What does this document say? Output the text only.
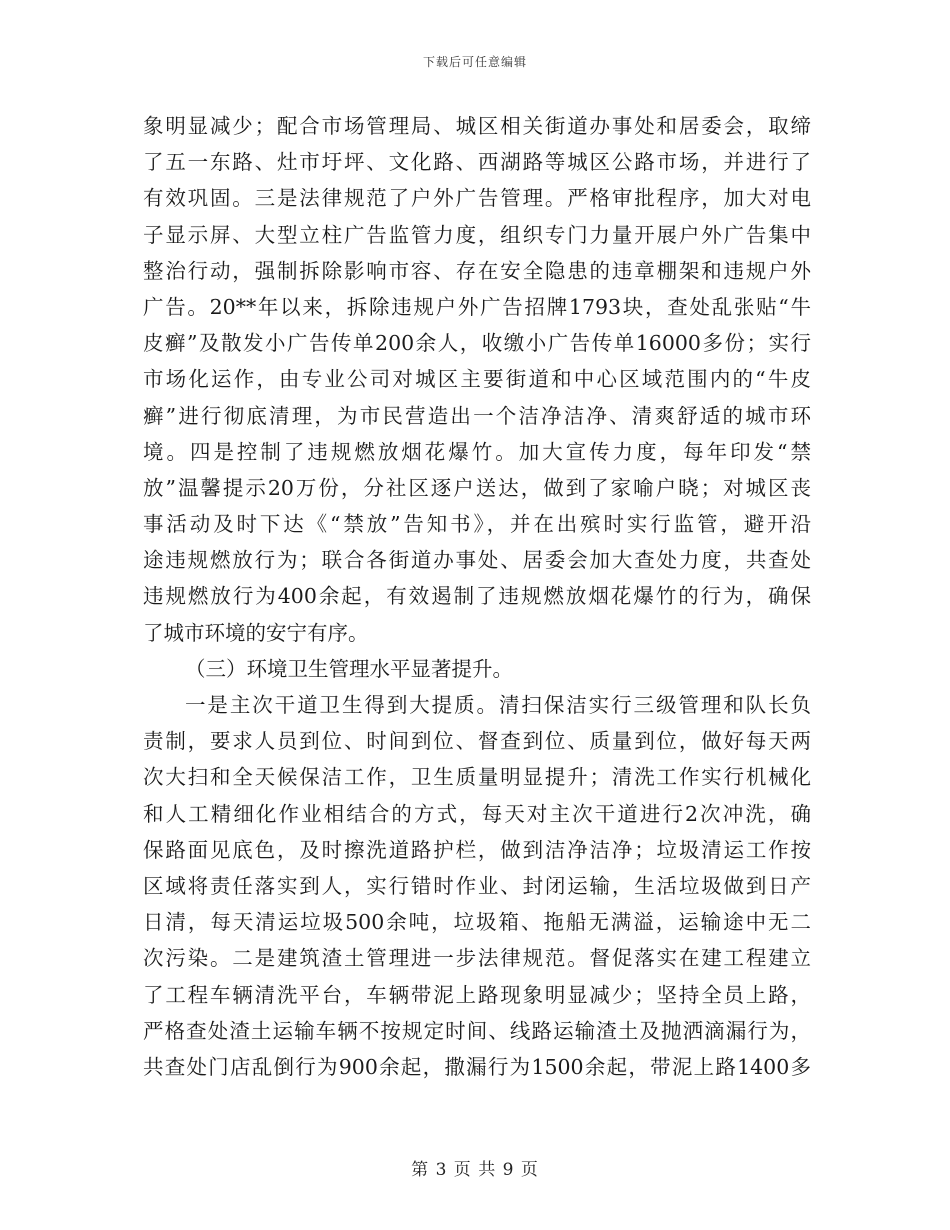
下载后可任意编辑
象明显减少；配合市场管理局、城区相关街道办事处和居委会，取缔
了五一东路、灶市圩坪、文化路、西湖路等城区公路市场，并进行了
有效巩固。三是法律规范了户外广告管理。严格审批程序，加大对电
子显示屏、大型立柱广告监管力度，组织专门力量开展户外广告集中
整治行动，强制拆除影响市容、存在安全隐患的违章棚架和违规户外
广告。20**年以来，拆除违规户外广告招牌1793块，查处乱张贴“牛
皮癣”及散发小广告传单200余人，收缴小广告传单16000多份；实行
市场化运作，由专业公司对城区主要街道和中心区域范围内的“牛皮
癣”进行彻底清理，为市民营造出一个洁净洁净、清爽舒适的城市环
境。四是控制了违规燃放烟花爆竹。加大宣传力度，每年印发“禁
放”温馨提示20万份，分社区逐户送达，做到了家喻户晓；对城区丧
事活动及时下达《“禁放”告知书》，并在出殡时实行监管，避开沿
途违规燃放行为；联合各街道办事处、居委会加大查处力度，共查处
违规燃放行为400余起，有效遏制了违规燃放烟花爆竹的行为，确保
了城市环境的安宁有序。
（三）环境卫生管理水平显著提升。
一是主次干道卫生得到大提质。清扫保洁实行三级管理和队长负
责制，要求人员到位、时间到位、督查到位、质量到位，做好每天两
次大扫和全天候保洁工作，卫生质量明显提升；清洗工作实行机械化
和人工精细化作业相结合的方式，每天对主次干道进行2次冲洗，确
保路面见底色，及时擦洗道路护栏，做到洁净洁净；垃圾清运工作按
区域将责任落实到人，实行错时作业、封闭运输，生活垃圾做到日产
日清，每天清运垃圾500余吨，垃圾箱、拖船无满溢，运输途中无二
次污染。二是建筑渣土管理进一步法律规范。督促落实在建工程建立
了工程车辆清洗平台，车辆带泥上路现象明显减少；坚持全员上路，
严格查处渣土运输车辆不按规定时间、线路运输渣土及抛洒滴漏行为，
共查处门店乱倒行为900余起，撒漏行为1500余起，带泥上路1400多
第 3 页 共 9 页
